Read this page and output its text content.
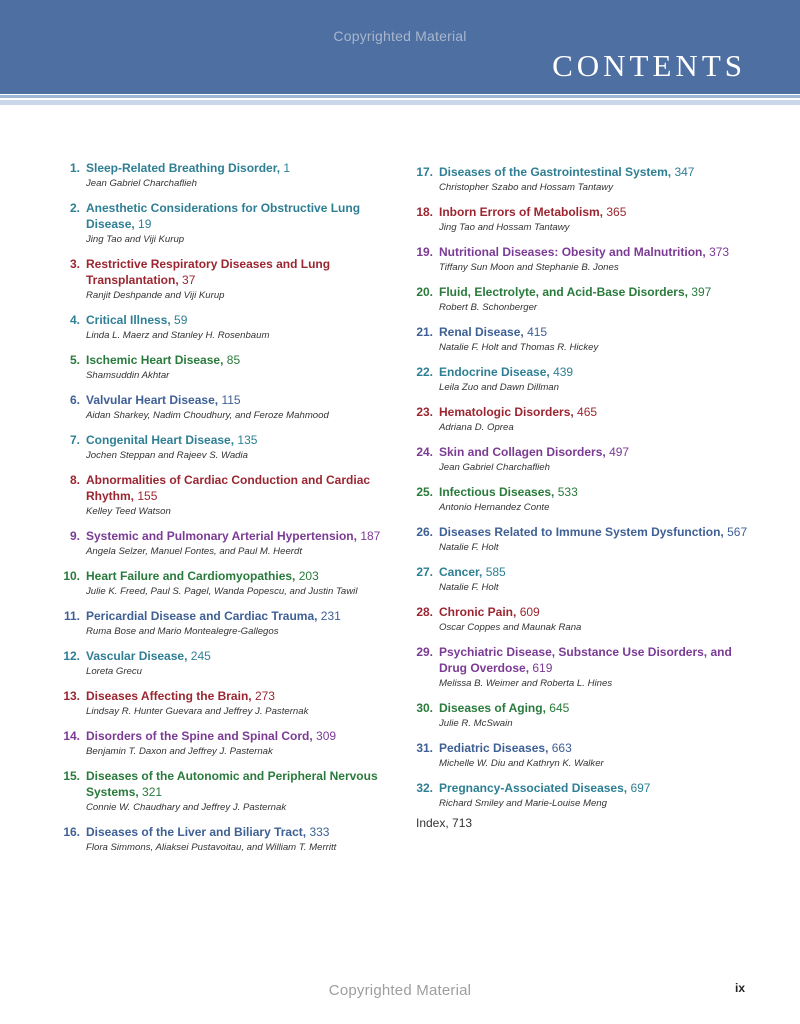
Copyrighted Material
CONTENTS
1. Sleep-Related Breathing Disorder, 1
Jean Gabriel Charchaflieh
2. Anesthetic Considerations for Obstructive Lung Disease, 19
Jing Tao and Viji Kurup
3. Restrictive Respiratory Diseases and Lung Transplantation, 37
Ranjit Deshpande and Viji Kurup
4. Critical Illness, 59
Linda L. Maerz and Stanley H. Rosenbaum
5. Ischemic Heart Disease, 85
Shamsuddin Akhtar
6. Valvular Heart Disease, 115
Aidan Sharkey, Nadim Choudhury, and Feroze Mahmood
7. Congenital Heart Disease, 135
Jochen Steppan and Rajeev S. Wadia
8. Abnormalities of Cardiac Conduction and Cardiac Rhythm, 155
Kelley Teed Watson
9. Systemic and Pulmonary Arterial Hypertension, 187
Angela Selzer, Manuel Fontes, and Paul M. Heerdt
10. Heart Failure and Cardiomyopathies, 203
Julie K. Freed, Paul S. Pagel, Wanda Popescu, and Justin Tawil
11. Pericardial Disease and Cardiac Trauma, 231
Ruma Bose and Mario Montealegre-Gallegos
12. Vascular Disease, 245
Loreta Grecu
13. Diseases Affecting the Brain, 273
Lindsay R. Hunter Guevara and Jeffrey J. Pasternak
14. Disorders of the Spine and Spinal Cord, 309
Benjamin T. Daxon and Jeffrey J. Pasternak
15. Diseases of the Autonomic and Peripheral Nervous Systems, 321
Connie W. Chaudhary and Jeffrey J. Pasternak
16. Diseases of the Liver and Biliary Tract, 333
Flora Simmons, Aliaksei Pustavoitau, and William T. Merritt
17. Diseases of the Gastrointestinal System, 347
Christopher Szabo and Hossam Tantawy
18. Inborn Errors of Metabolism, 365
Jing Tao and Hossam Tantawy
19. Nutritional Diseases: Obesity and Malnutrition, 373
Tiffany Sun Moon and Stephanie B. Jones
20. Fluid, Electrolyte, and Acid-Base Disorders, 397
Robert B. Schonberger
21. Renal Disease, 415
Natalie F. Holt and Thomas R. Hickey
22. Endocrine Disease, 439
Leila Zuo and Dawn Dillman
23. Hematologic Disorders, 465
Adriana D. Oprea
24. Skin and Collagen Disorders, 497
Jean Gabriel Charchaflieh
25. Infectious Diseases, 533
Antonio Hernandez Conte
26. Diseases Related to Immune System Dysfunction, 567
Natalie F. Holt
27. Cancer, 585
Natalie F. Holt
28. Chronic Pain, 609
Oscar Coppes and Maunak Rana
29. Psychiatric Disease, Substance Use Disorders, and Drug Overdose, 619
Melissa B. Weimer and Roberta L. Hines
30. Diseases of Aging, 645
Julie R. McSwain
31. Pediatric Diseases, 663
Michelle W. Diu and Kathryn K. Walker
32. Pregnancy-Associated Diseases, 697
Richard Smiley and Marie-Louise Meng
Index, 713
Copyrighted Material	ix
